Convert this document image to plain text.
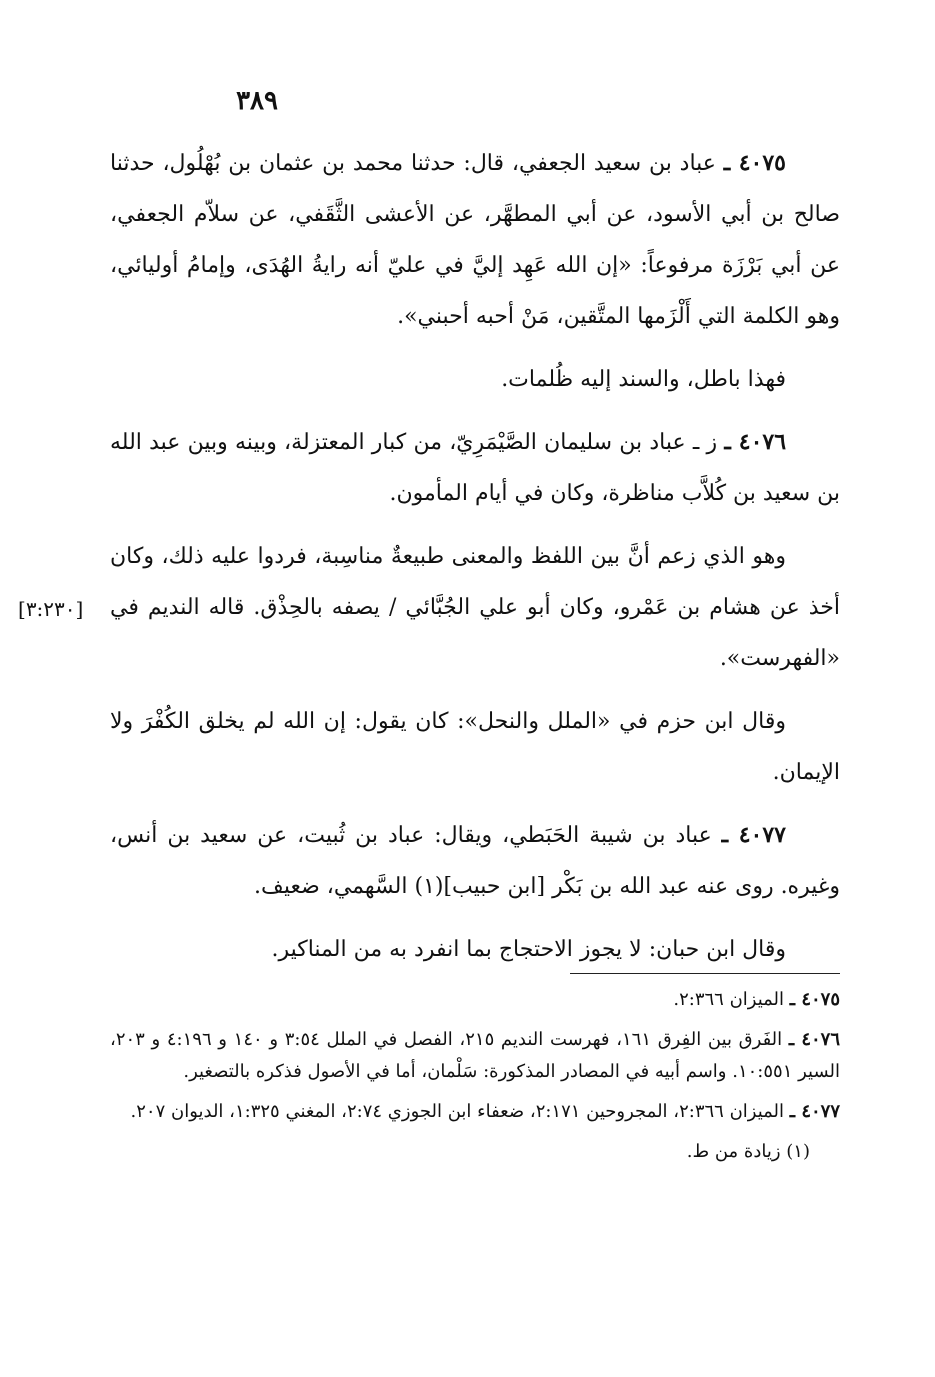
٣٨٩

٤٠٧٥ ـ عباد بن سعيد الجعفي، قال: حدثنا محمد بن عثمان بن بُهْلُول، حدثنا صالح بن أبي الأسود، عن أبي المطهَّر، عن الأعشى الثَّقَفي، عن سلاّم الجعفي، عن أبي بَرْزَة مرفوعاً: «إن الله عَهِد إليَّ في عليّ أنه رايةُ الهُدَى، وإمامُ أوليائي، وهو الكلمة التي أَلْزَمها المتَّقين، مَنْ أحبه أحبني».

فهذا باطل، والسند إليه ظُلمات.

٤٠٧٦ ـ ز ـ عباد بن سليمان الصَّيْمَرِيّ، من كبار المعتزلة، وبينه وبين عبد الله بن سعيد بن كُلاَّب مناظرة، وكان في أيام المأمون.

وهو الذي زعم أنَّ بين اللفظ والمعنى طبيعةٌ مناسِبة، فردوا عليه ذلك، وكان أخذ عن هشام بن عَمْرو، وكان أبو علي الجُبَّائي / يصفه بالحِذْق. قاله النديم في «الفهرست».
[٣:٢٣٠]

وقال ابن حزم في «الملل والنحل»: كان يقول: إن الله لم يخلق الكُفْرَ ولا الإيمان.

٤٠٧٧ ـ عباد بن شيبة الحَبَطي، ويقال: عباد بن ثُبيت، عن سعيد بن أنس، وغيره. روى عنه عبد الله بن بَكْر [ابن حبيب](١) السَّهمي، ضعيف.

وقال ابن حبان: لا يجوز الاحتجاج بما انفرد به من المناكير.

٤٠٧٥ ـ الميزان ٢:٣٦٦.
٤٠٧٦ ـ الفَرق بين الفِرق ١٦١، فهرست النديم ٢١٥، الفصل في الملل ٣:٥٤ و ١٤٠ و ٤:١٩٦ و ٢٠٣، السير ١٠:٥٥١. واسم أبيه في المصادر المذكورة: سَلْمان، أما في الأصول فذكره بالتصغير.
٤٠٧٧ ـ الميزان ٢:٣٦٦، المجروحين ٢:١٧١، ضعفاء ابن الجوزي ٢:٧٤، المغني ١:٣٢٥، الديوان ٢٠٧.
(١) زيادة من ط.
